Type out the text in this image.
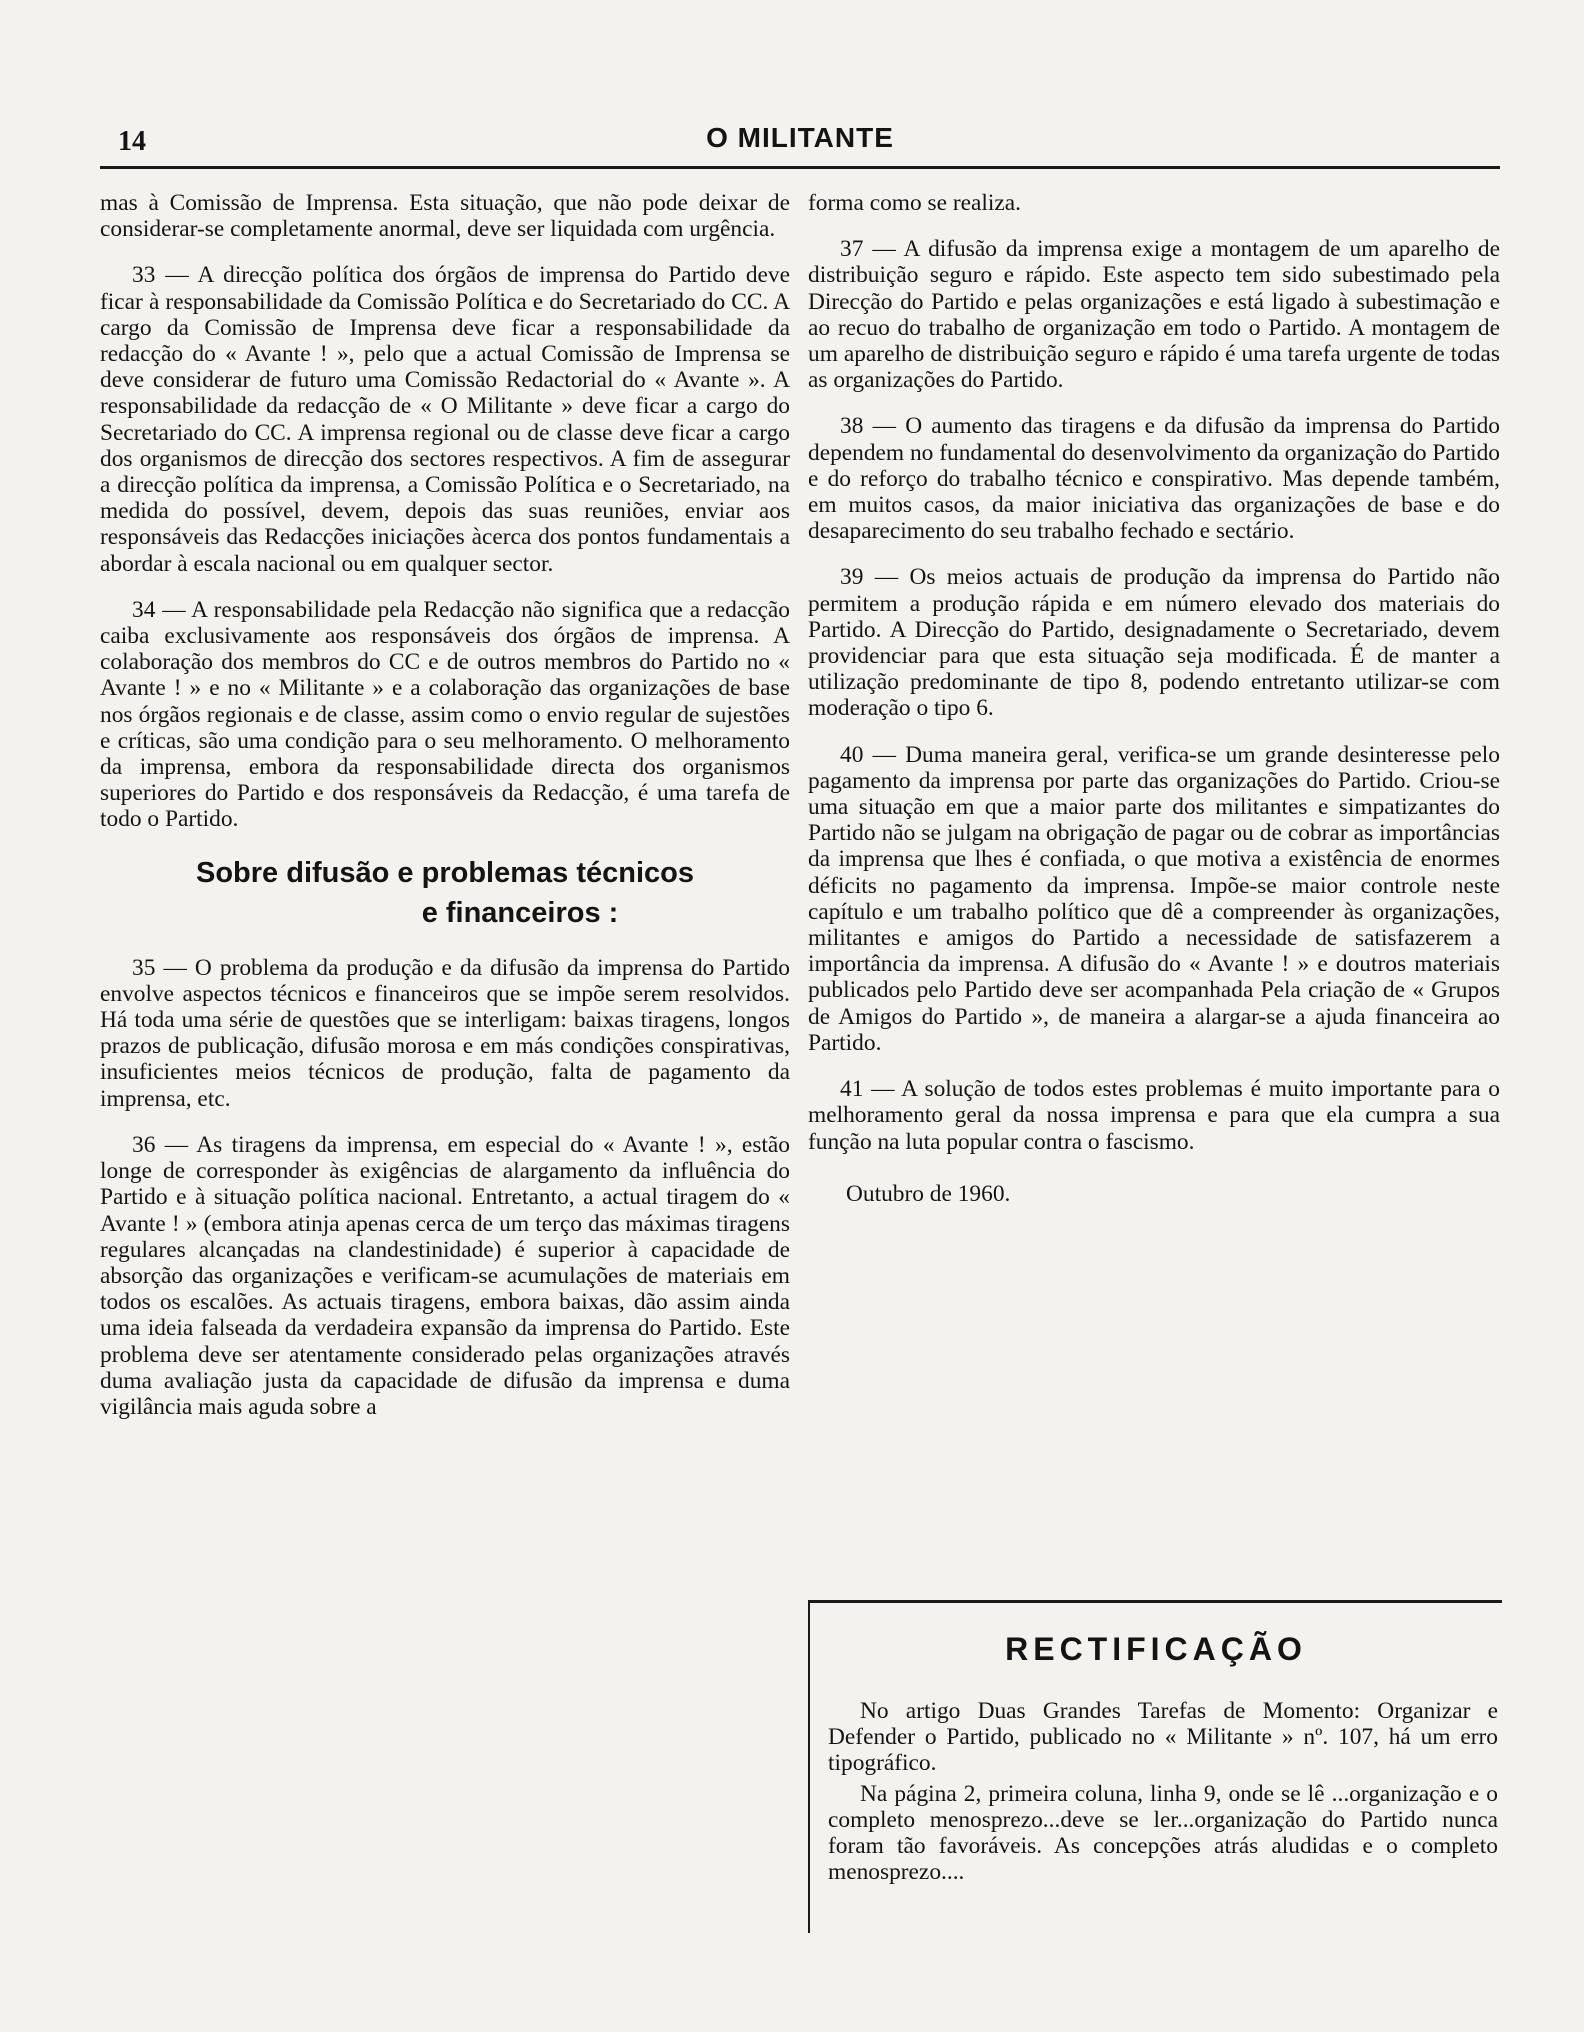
14	O MILITANTE

mas à Comissão de Imprensa. Esta situação, que não pode deixar de considerar-se completamente anormal, deve ser liquidada com urgência.

33 — A direcção política dos órgãos de imprensa do Partido deve ficar à responsabilidade da Comissão Política e do Secretariado do CC. A cargo da Comissão de Imprensa deve ficar a responsabilidade da redacção do « Avante ! », pelo que a actual Comissão de Imprensa se deve considerar de futuro uma Comissão Redactorial do « Avante ». A responsabilidade da redacção de « O Militante » deve ficar a cargo do Secretariado do CC. A imprensa regional ou de classe deve ficar a cargo dos organismos de direcção dos sectores respectivos. A fim de assegurar a direcção política da imprensa, a Comissão Política e o Secretariado, na medida do possível, devem, depois das suas reuniões, enviar aos responsáveis das Redacções iniciações àcerca dos pontos fundamentais a abordar à escala nacional ou em qualquer sector.

34 — A responsabilidade pela Redacção não significa que a redacção caiba exclusivamente aos responsáveis dos órgãos de imprensa. A colaboração dos membros do CC e de outros membros do Partido no « Avante ! » e no « Militante » e a colaboração das organizações de base nos órgãos regionais e de classe, assim como o envio regular de sujestões e críticas, são uma condição para o seu melhoramento. O melhoramento da imprensa, embora da responsabilidade directa dos organismos superiores do Partido e dos responsáveis da Redacção, é uma tarefa de todo o Partido.

Sobre difusão e problemas técnicos
e financeiros :

35 — O problema da produção e da difusão da imprensa do Partido envolve aspectos técnicos e financeiros que se impõe serem resolvidos. Há toda uma série de questões que se interligam: baixas tiragens, longos prazos de publicação, difusão morosa e em más condições conspirativas, insuficientes meios técnicos de produção, falta de pagamento da imprensa, etc.

36 — As tiragens da imprensa, em especial do « Avante ! », estão longe de corresponder às exigências de alargamento da influência do Partido e à situação política nacional. Entretanto, a actual tiragem do « Avante ! » (embora atinja apenas cerca de um terço das máximas tiragens regulares alcançadas na clandestinidade) é superior à capacidade de absorção das organizações e verificam-se acumulações de materiais em todos os escalões. As actuais tiragens, embora baixas, dão assim ainda uma ideia falseada da verdadeira expansão da imprensa do Partido. Este problema deve ser atentamente considerado pelas organizações através duma avaliação justa da capacidade de difusão da imprensa e duma vigilância mais aguda sobre a

forma como se realiza.

37 — A difusão da imprensa exige a montagem de um aparelho de distribuição seguro e rápido. Este aspecto tem sido subestimado pela Direcção do Partido e pelas organizações e está ligado à subestimação e ao recuo do trabalho de organização em todo o Partido. A montagem de um aparelho de distribuição seguro e rápido é uma tarefa urgente de todas as organizações do Partido.

38 — O aumento das tiragens e da difusão da imprensa do Partido dependem no fundamental do desenvolvimento da organização do Partido e do reforço do trabalho técnico e conspirativo. Mas depende também, em muitos casos, da maior iniciativa das organizações de base e do desaparecimento do seu trabalho fechado e sectário.

39 — Os meios actuais de produção da imprensa do Partido não permitem a produção rápida e em número elevado dos materiais do Partido. A Direcção do Partido, designadamente o Secretariado, devem providenciar para que esta situação seja modificada. É de manter a utilização predominante de tipo 8, podendo entretanto utilizar-se com moderação o tipo 6.

40 — Duma maneira geral, verifica-se um grande desinteresse pelo pagamento da imprensa por parte das organizações do Partido. Criou-se uma situação em que a maior parte dos militantes e simpatizantes do Partido não se julgam na obrigação de pagar ou de cobrar as importâncias da imprensa que lhes é confiada, o que motiva a existência de enormes déficits no pagamento da imprensa. Impõe-se maior controle neste capítulo e um trabalho político que dê a compreender às organizações, militantes e amigos do Partido a necessidade de satisfazerem a importância da imprensa. A difusão do « Avante ! » e doutros materiais publicados pelo Partido deve ser acompanhada Pela criação de « Grupos de Amigos do Partido », de maneira a alargar-se a ajuda financeira ao Partido.

41 — A solução de todos estes problemas é muito importante para o melhoramento geral da nossa imprensa e para que ela cumpra a sua função na luta popular contra o fascismo.

Outubro de 1960.

RECTIFICAÇÃO

No artigo Duas Grandes Tarefas de Momento: Organizar e Defender o Partido, publicado no « Militante » nº. 107, há um erro tipográfico.

Na página 2, primeira coluna, linha 9, onde se lê ...organização e o completo menosprezo...deve se ler...organização do Partido nunca foram tão favoráveis. As concepções atrás aludidas e o completo menosprezo....
